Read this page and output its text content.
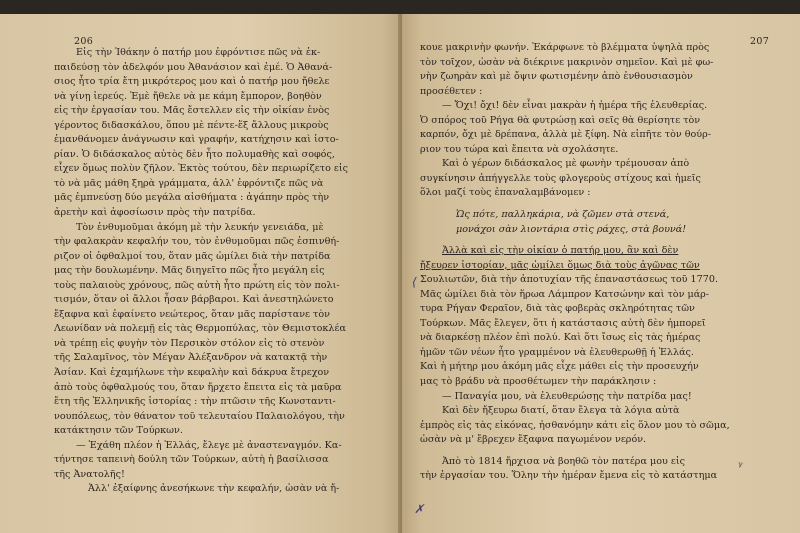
206
Εἰς τὴν Ἰθάκην ὁ πατήρ μου ἐφρόντισε πῶς νὰ ἐκ-
παιδεύσῃ τὸν ἀδελφόν μου Ἀθανάσιον καὶ ἐμέ. Ὁ Ἀθανά-
σιος ἦτο τρία ἔτη μικρότερος μου καὶ ὁ πατήρ μου ἤθελε
νὰ γίνῃ ἱερεύς. Ἐμὲ ἤθελε νὰ με κάμη ἔμπορον, βοηθὸν
εἰς τὴν ἐργασίαν του. Μᾶς ἔστελλεν εἰς τὴν οἰκίαν ἑνὸς
γέροντος διδασκάλου, ὅπου μὲ πέντε-ἕξ ἄλλους μικροὺς
ἐμανθάνομεν ἀνάγνωσιν καὶ γραφήν, κατήχησιν καὶ ἱστο-
ρίαν. Ὁ διδάσκαλος αὐτὸς δὲν ἦτο πολυμαθὴς καὶ σοφός,
εἶχεν ὅμως πολὺν ζῆλον. Ἐκτὸς τούτου, δὲν περιωρίζετο εἰς
τὸ νὰ μᾶς μάθη ξηρὰ γράμματα, ἀλλ' ἐφρόντιζε πῶς νὰ
μᾶς ἐμπνεύσῃ δύο μεγάλα αἰσθήματα : ἀγάπην πρὸς τὴν
ἀρετὴν καὶ ἀφοσίωσιν πρὸς τὴν πατρίδα.
Τὸν ἐνθυμοῦμαι ἀκόμη μὲ τὴν λευκήν γενειάδα, μὲ
τὴν φαλακρὰν κεφαλήν του, τὸν ἐνθυμοῦμαι πῶς ἐσπινθή-
ριζον οἱ ὀφθαλμοί του, ὅταν μᾶς ὡμίλει διὰ τὴν πατρίδα
μας τὴν δουλωμένην. Μᾶς διηγεῖτο πῶς ἦτο μεγάλη εἰς
τοὺς παλαιοὺς χρόνους, πῶς αὐτὴ ἦτο πρώτη εἰς τὸν πολι-
τισμόν, ὅταν οἱ ἄλλοι ἦσαν βάρβαροι. Καὶ ἀνεστηλώνετο
ἔξαφνα καὶ ἐφαίνετο νεώτερος, ὅταν μᾶς παρίστανε τὸν
Λεωνίδαν νὰ πολεμῇ εἰς τὰς Θερμοπύλας, τὸν Θεμιστοκλέα
νὰ τρέπῃ εἰς φυγὴν τὸν Περσικὸν στόλον εἰς τὸ στενὸν
τῆς Σαλαμῖνος, τὸν Μέγαν Ἀλέξανδρον νὰ κατακτᾷ τὴν
Ἀσίαν. Καὶ ἐχαμήλωνε τὴν κεφαλὴν καὶ δάκρυα ἔτρεχον
ἀπὸ τοὺς ὀφθαλμούς του, ὅταν ἤρχετο ἔπειτα εἰς τὰ μαῦρα
ἔτη τῆς Ἑλληνικῆς ἱστορίας : τὴν πτῶσιν τῆς Κωνσταντι-
νουπόλεως, τὸν θάνατον τοῦ τελευταίου Παλαιολόγου, τὴν
κατάκτησιν τῶν Τούρκων.
— Ἐχάθη πλέον ἡ Ἑλλάς, ἔλεγε μὲ ἀναστεναγμόν. Κα-
τήντησε ταπεινὴ δούλη τῶν Τούρκων, αὐτὴ ἡ βασίλισσα
τῆς Ἀνατολῆς!
Ἀλλ' ἐξαίφνης ἀνεσήκωνε τὴν κεφαλήν, ὡσὰν νὰ ἤ-
207
κουε μακρινὴν φωνήν. Ἐκάρφωνε τὸ βλέμματα ὑψηλὰ πρὸς
τὸν τοῖχον, ὡσὰν νὰ διέκρινε μακρινὸν σημεῖον. Καὶ μὲ φω-
νὴν ζωηρὰν καὶ μὲ ὄψιν φωτισμένην ἀπὸ ἐνθουσιασμὸν
προσέθετεν :
— Ὄχι! ὄχι! δὲν εἶναι μακρὰν ἡ ἡμέρα τῆς ἐλευθερίας.
Ὁ σπόρος τοῦ Ρήγα θὰ φυτρώσῃ καὶ σεῖς θὰ θερίσητε τὸν
καρπόν, ὄχι μὲ δρέπανα, ἀλλὰ μὲ ξίφη. Νὰ εἰπῆτε τὸν θούρ-
ριον του τώρα καὶ ἔπειτα νὰ σχολάσητε.
Καὶ ὁ γέρων διδάσκαλος μὲ φωνὴν τρέμουσαν ἀπὸ
συγκίνησιν ἀπήγγελλε τοὺς φλογεροὺς στίχους καὶ ἡμεῖς
ὅλοι μαζί τοὺς ἐπαναλαμβάνομεν :
Ὡς πότε, παλληκάρια, νὰ ζῶμεν στὰ στενά,
μονάχοι σὰν λιοντάρια στὶς ράχες, στὰ βουνά!
Ἀλλὰ καὶ εἰς τὴν οἰκίαν ὁ πατήρ μου, ἂν καὶ δὲν
ἤξευρεν ἱστορίαν, μᾶς ὡμίλει ὅμως διὰ τοὺς ἀγῶνας τῶν
Σουλιωτῶν, διὰ τὴν ἀποτυχίαν τῆς ἐπαναστάσεως τοῦ 1770.
Μᾶς ὡμίλει διὰ τὸν ἥρωα Λάμπρον Κατσώνην καὶ τὸν μάρ-
τυρα Ρήγαν Φεραῖον, διὰ τὰς φοβερὰς σκληρότητας τῶν
Τούρκων. Μᾶς ἔλεγεν, ὅτι ἡ κατάστασις αὐτὴ δὲν ἠμπορεῖ
νὰ διαρκέσῃ πλέον ἐπὶ πολύ. Καὶ ὅτι ἴσως εἰς τὰς ἡμέρας
ἡμῶν τῶν νέων ἦτο γραμμένον νὰ ἐλευθερωθῇ ἡ Ἑλλάς.
Καὶ ἡ μήτηρ μου ἀκόμη μᾶς εἶχε μάθει εἰς τὴν προσευχήν
μας τὸ βράδυ νὰ προσθέτωμεν τὴν παράκλησιν :
— Παναγία μου, νὰ ἐλευθερώσῃς τὴν πατρίδα μας!
Καὶ δὲν ἤξευρω διατί, ὅταν ἔλεγα τὰ λόγια αὐτὰ
ἐμπρὸς εἰς τὰς εἰκόνας, ἠσθανόμην κάτι εἰς ὅλον μου τὸ σῶμα,
ὡσὰν νὰ μ' ἔβρεχεν ἔξαφνα παγωμένον νερόν.
Ἀπὸ τὸ 1814 ἤρχισα νὰ βοηθῶ τὸν πατέρα μου εἰς
τὴν ἐργασίαν του. Ὅλην τὴν ἡμέραν ἔμενα εἰς τὸ κατάστημα
⟨
✗
ᵧ
